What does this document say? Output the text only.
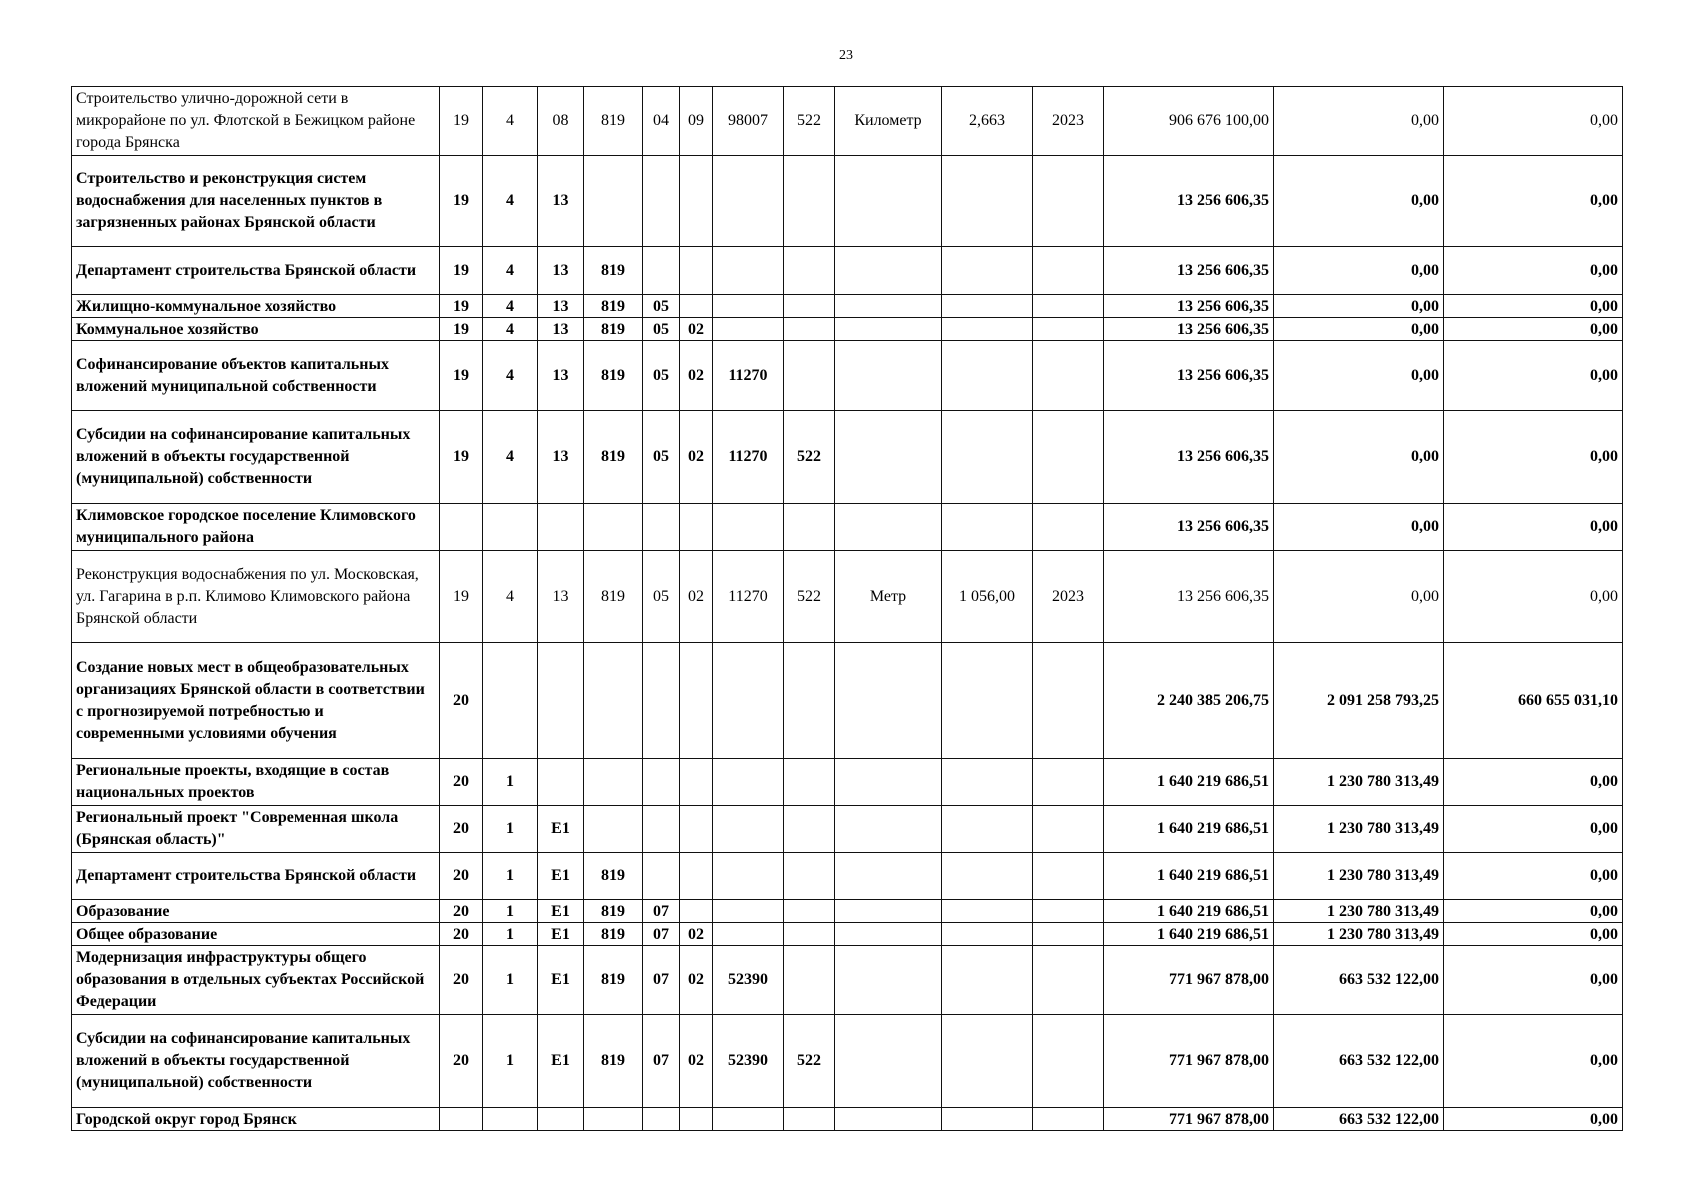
23
Строительство улично-дорожной сети в микрорайоне по ул. Флотской в Бежицком районе города Брянска	19	4	08	819	04	09	98007	522	Километр	2,663	2023	906 676 100,00	0,00	0,00
Строительство и реконструкция систем водоснабжения для населенных пунктов в загрязненных районах Брянской области	19	4	13									13 256 606,35	0,00	0,00
Департамент строительства Брянской области	19	4	13	819								13 256 606,35	0,00	0,00
Жилищно-коммунальное хозяйство	19	4	13	819	05							13 256 606,35	0,00	0,00
Коммунальное хозяйство	19	4	13	819	05	02						13 256 606,35	0,00	0,00
Софинансирование объектов капитальных вложений муниципальной собственности	19	4	13	819	05	02	11270					13 256 606,35	0,00	0,00
Субсидии на софинансирование капитальных вложений в объекты государственной (муниципальной) собственности	19	4	13	819	05	02	11270	522				13 256 606,35	0,00	0,00
Климовское городское поселение Климовского муниципального района												13 256 606,35	0,00	0,00
Реконструкция водоснабжения по ул. Московская, ул. Гагарина в р.п. Климово Климовского района Брянской области	19	4	13	819	05	02	11270	522	Метр	1 056,00	2023	13 256 606,35	0,00	0,00
Создание новых мест в общеобразовательных организациях Брянской области в соответствии с прогнозируемой потребностью и современными условиями обучения	20											2 240 385 206,75	2 091 258 793,25	660 655 031,10
Региональные проекты, входящие в состав национальных проектов	20	1										1 640 219 686,51	1 230 780 313,49	0,00
Региональный проект "Современная школа (Брянская область)"	20	1	E1									1 640 219 686,51	1 230 780 313,49	0,00
Департамент строительства Брянской области	20	1	E1	819								1 640 219 686,51	1 230 780 313,49	0,00
Образование	20	1	E1	819	07							1 640 219 686,51	1 230 780 313,49	0,00
Общее образование	20	1	E1	819	07	02						1 640 219 686,51	1 230 780 313,49	0,00
Модернизация инфраструктуры общего образования в отдельных субъектах Российской Федерации	20	1	E1	819	07	02	52390					771 967 878,00	663 532 122,00	0,00
Субсидии на софинансирование капитальных вложений в объекты государственной (муниципальной) собственности	20	1	E1	819	07	02	52390	522				771 967 878,00	663 532 122,00	0,00
Городской округ город Брянск												771 967 878,00	663 532 122,00	0,00
